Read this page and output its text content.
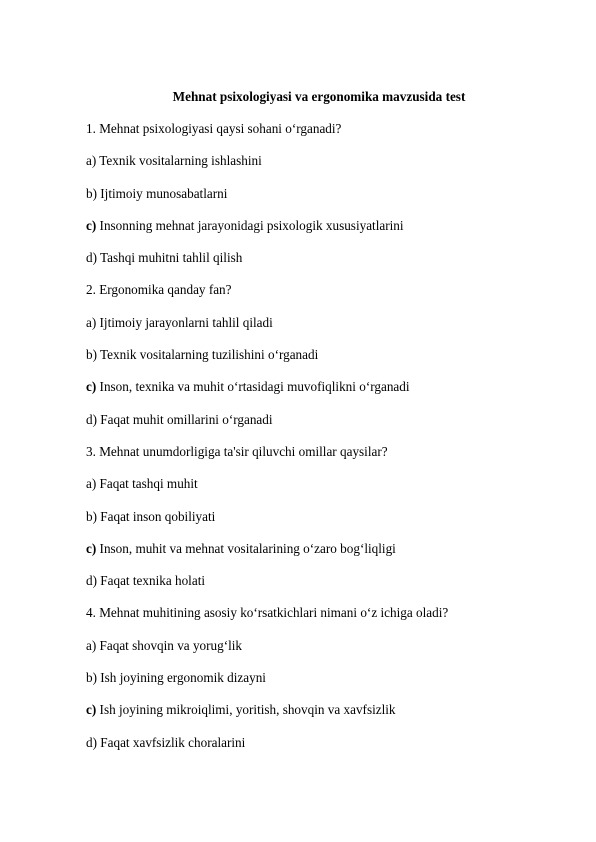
Mehnat psixologiyasi va ergonomika mavzusida test
1. Mehnat psixologiyasi qaysi sohani o‘rganadi?
a) Texnik vositalarning ishlashini
b) Ijtimoiy munosabatlarni
c) Insonning mehnat jarayonidagi psixologik xususiyatlarini
d) Tashqi muhitni tahlil qilish
2. Ergonomika qanday fan?
a) Ijtimoiy jarayonlarni tahlil qiladi
b) Texnik vositalarning tuzilishini o‘rganadi
c) Inson, texnika va muhit o‘rtasidagi muvofiqlikni o‘rganadi
d) Faqat muhit omillarini o‘rganadi
3. Mehnat unumdorligiga ta'sir qiluvchi omillar qaysilar?
a) Faqat tashqi muhit
b) Faqat inson qobiliyati
c) Inson, muhit va mehnat vositalarining o‘zaro bog‘liqligi
d) Faqat texnika holati
4. Mehnat muhitining asosiy ko‘rsatkichlari nimani o‘z ichiga oladi?
a) Faqat shovqin va yorug‘lik
b) Ish joyining ergonomik dizayni
c) Ish joyining mikroiqlimi, yoritish, shovqin va xavfsizlik
d) Faqat xavfsizlik choralarini
